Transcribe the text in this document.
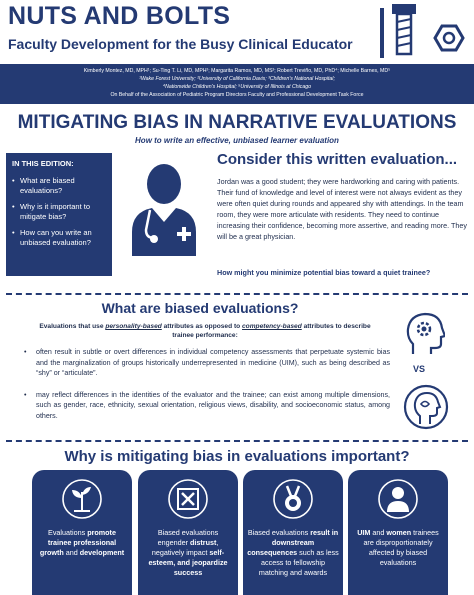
NUTS AND BOLTS
Faculty Development for the Busy Clinical Educator
Kimberly Montez, MD, MPH¹; Su-Ting T. Li, MD, MPH²; Margarita Ramos, MD, MS³; Robert Treviño, MD, PhD⁴; Michelle Barnes, MD⁵
¹Wake Forest University; ²University of California Davis; ³Children's National Hospital;
⁴Nationwide Children's Hospital; ⁵University of Illinois at Chicago
On Behalf of the Association of Pediatric Program Directors Faculty and Professional Development Task Force
MITIGATING BIAS IN NARRATIVE EVALUATIONS
How to write an effective, unbiased learner evaluation
IN THIS EDITION:
• What are biased evaluations?
• Why is it important to mitigate bias?
• How can you write an unbiased evaluation?
Consider this written evaluation...
Jordan was a good student; they were hardworking and caring with patients. Their fund of knowledge and level of interest were not always evident as they were often quiet during rounds and appeared shy with attendings. In the team room, they were more articulate with residents. They need to continue increasing their confidence, becoming more assertive, and reading more. They will be a great physician.
How might you minimize potential bias toward a quiet trainee?
What are biased evaluations?
Evaluations that use personality-based attributes as opposed to competency-based attributes to describe trainee performance:
• often result in subtle or overt differences in individual competency assessments that perpetuate systemic bias and the marginalization of groups historically underrepresented in medicine (UIM), such as being described as “shy” or “articulate”.
• may reflect differences in the identities of the evaluator and the trainee; can exist among multiple dimensions, such as gender, race, ethnicity, sexual orientation, religious views, disability, and socioeconomic status, among others.
VS
Why is mitigating bias in evaluations important?
Evaluations promote trainee professional growth and development
Biased evaluations engender distrust, negatively impact self-esteem, and jeopardize success
Biased evaluations result in downstream consequences such as less access to fellowship matching and awards
UIM and women trainees are disproportionately affected by biased evaluations
